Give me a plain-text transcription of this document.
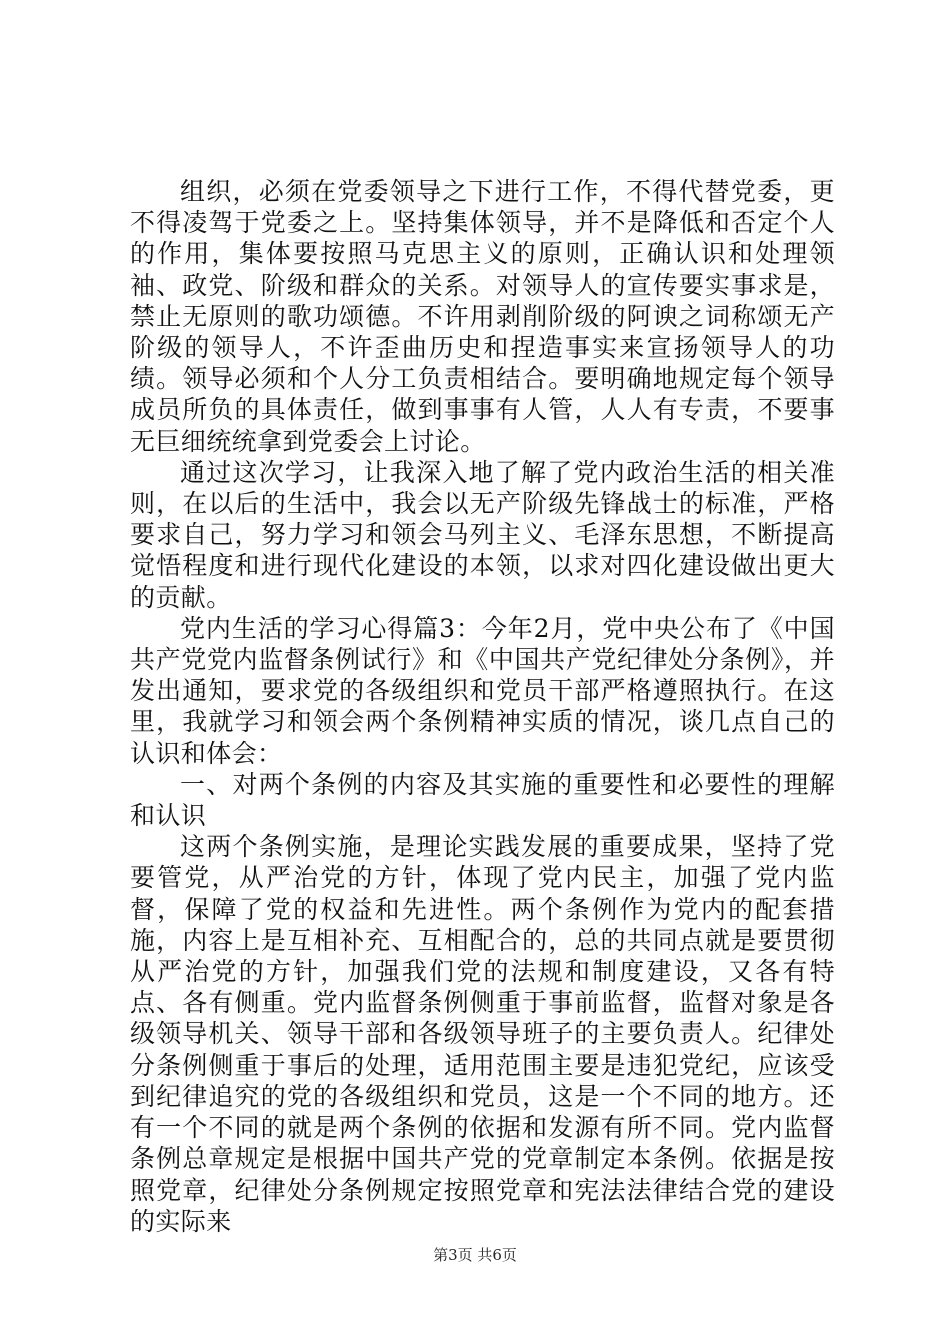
组织，必须在党委领导之下进行工作，不得代替党委，更不得凌驾于党委之上。坚持集体领导，并不是降低和否定个人的作用，集体要按照马克思主义的原则，正确认识和处理领袖、政党、阶级和群众的关系。对领导人的宣传要实事求是，禁止无原则的歌功颂德。不许用剥削阶级的阿谀之词称颂无产阶级的领导人，不许歪曲历史和捏造事实来宣扬领导人的功绩。领导必须和个人分工负责相结合。要明确地规定每个领导成员所负的具体责任，做到事事有人管，人人有专责，不要事无巨细统统拿到党委会上讨论。

通过这次学习，让我深入地了解了党内政治生活的相关准则，在以后的生活中，我会以无产阶级先锋战士的标准，严格要求自己，努力学习和领会马列主义、毛泽东思想，不断提高觉悟程度和进行现代化建设的本领，以求对四化建设做出更大的贡献。

党内生活的学习心得篇3：今年2月，党中央公布了《中国共产党党内监督条例试行》和《中国共产党纪律处分条例》，并发出通知，要求党的各级组织和党员干部严格遵照执行。在这里，我就学习和领会两个条例精神实质的情况，谈几点自己的认识和体会：

一、对两个条例的内容及其实施的重要性和必要性的理解和认识

这两个条例实施，是理论实践发展的重要成果，坚持了党要管党，从严治党的方针，体现了党内民主，加强了党内监督，保障了党的权益和先进性。两个条例作为党内的配套措施，内容上是互相补充、互相配合的，总的共同点就是要贯彻从严治党的方针，加强我们党的法规和制度建设，又各有特点、各有侧重。党内监督条例侧重于事前监督，监督对象是各级领导机关、领导干部和各级领导班子的主要负责人。纪律处分条例侧重于事后的处理，适用范围主要是违犯党纪，应该受到纪律追究的党的各级组织和党员，这是一个不同的地方。还有一个不同的就是两个条例的依据和发源有所不同。党内监督条例总章规定是根据中国共产党的党章制定本条例。依据是按照党章，纪律处分条例规定按照党章和宪法法律结合党的建设的实际来

第3页 共6页
